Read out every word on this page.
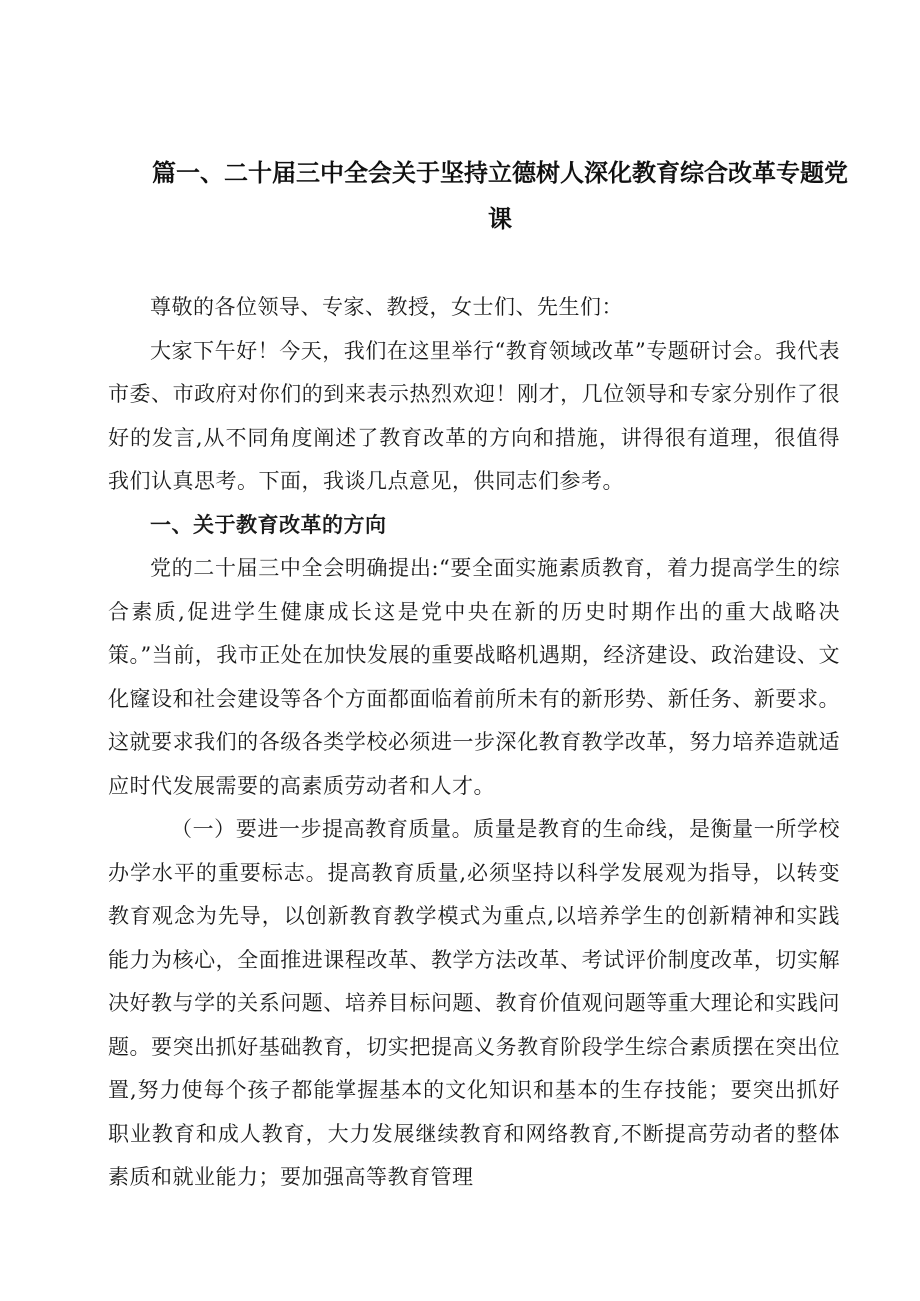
篇一、二十届三中全会关于坚持立德树人深化教育综合改革专题党
课

尊敬的各位领导、专家、教授，女士们、先生们：

大家下午好！今天，我们在这里举行“教育领域改革”专题研讨会。我代表市委、市政府对你们的到来表示热烈欢迎！刚才，几位领导和专家分别作了很好的发言,从不同角度阐述了教育改革的方向和措施，讲得很有道理，很值得我们认真思考。下面，我谈几点意见，供同志们参考。

一、关于教育改革的方向

党的二十届三中全会明确提出:“要全面实施素质教育，着力提高学生的综合素质,促进学生健康成长这是党中央在新的历史时期作出的重大战略决策。”当前，我市正处在加快发展的重要战略机遇期，经济建设、政治建设、文化窿设和社会建设等各个方面都面临着前所未有的新形势、新任务、新要求。这就要求我们的各级各类学校必须进一步深化教育教学改革，努力培养造就适应时代发展需要的高素质劳动者和人才。

（一）要进一步提高教育质量。质量是教育的生命线，是衡量一所学校办学水平的重要标志。提高教育质量,必须坚持以科学发展观为指导，以转变教育观念为先导，以创新教育教学模式为重点,以培养学生的创新精神和实践能力为核心，全面推进课程改革、教学方法改革、考试评价制度改革，切实解决好教与学的关系问题、培养目标问题、教育价值观问题等重大理论和实践问题。要突出抓好基础教育，切实把提高义务教育阶段学生综合素质摆在突出位置,努力使每个孩子都能掌握基本的文化知识和基本的生存技能；要突出抓好职业教育和成人教育，大力发展继续教育和网络教育,不断提高劳动者的整体素质和就业能力；要加强高等教育管理
